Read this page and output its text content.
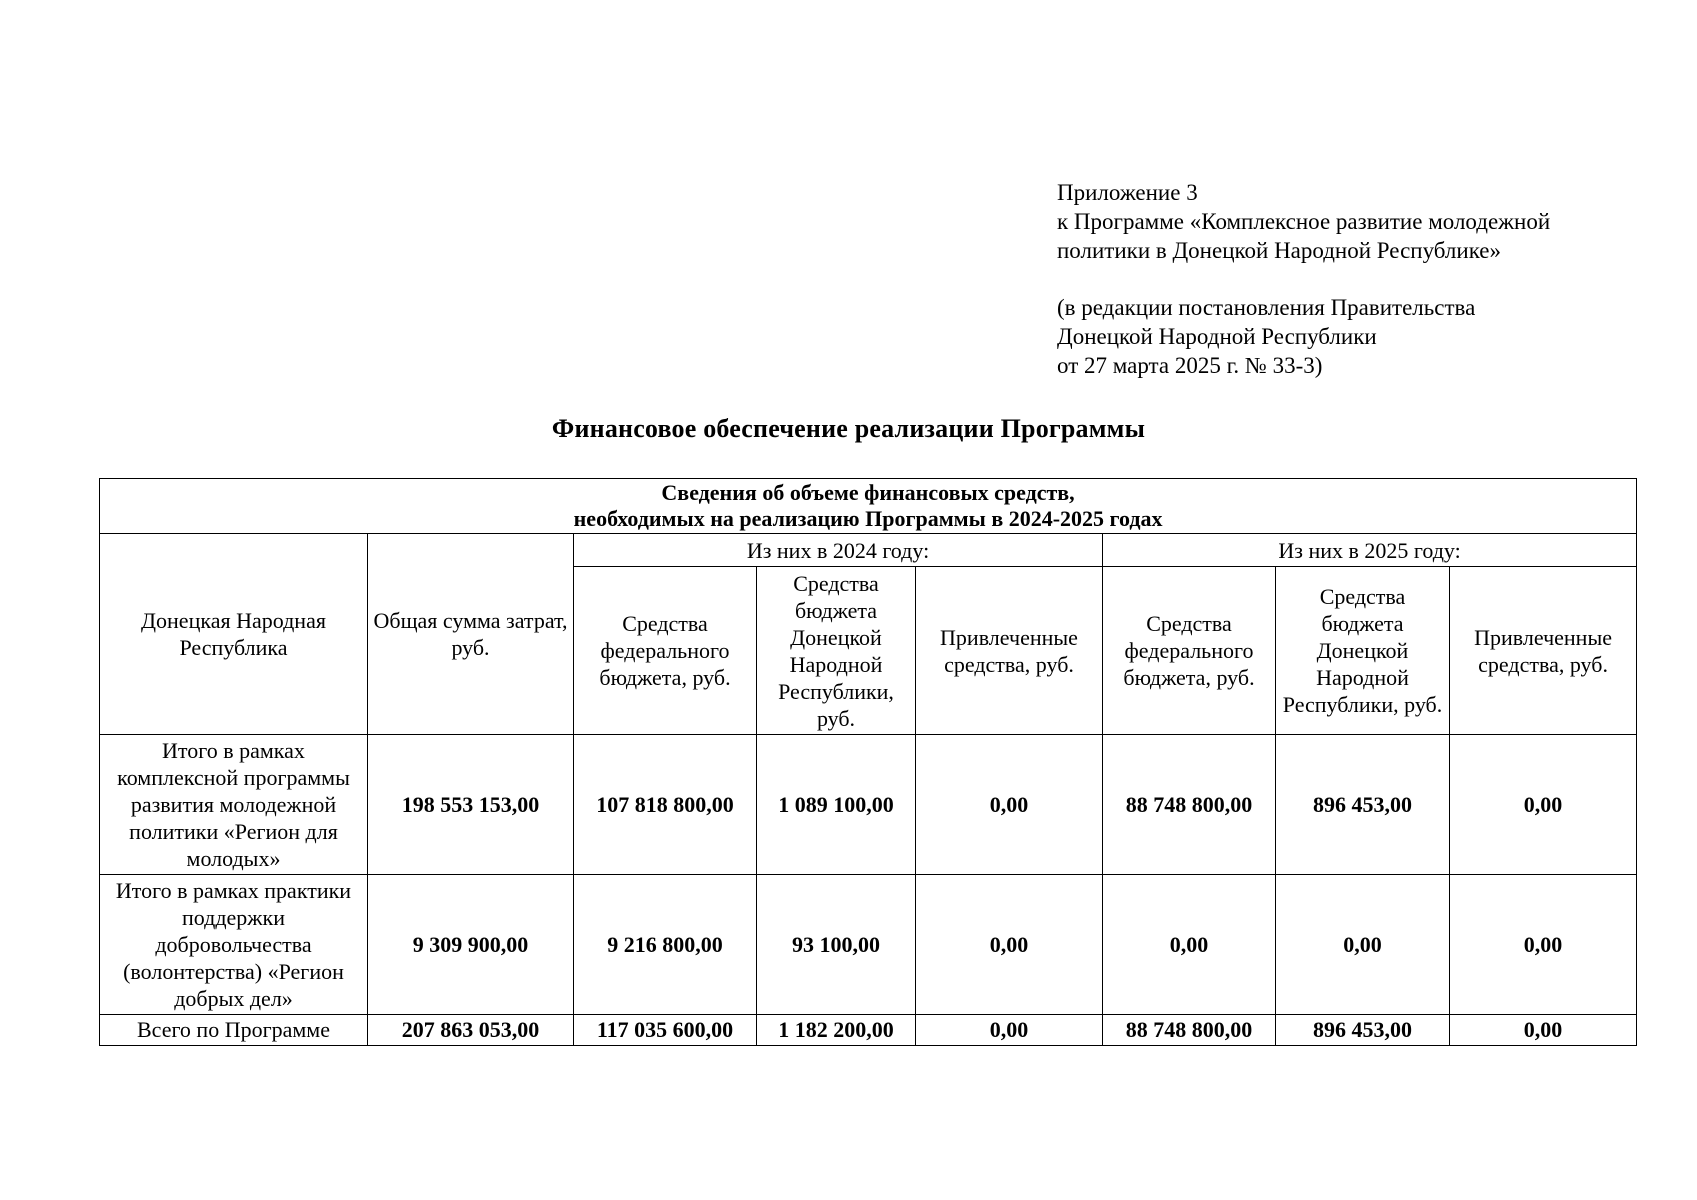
Приложение 3

к Программе «Комплексное развитие молодежной

политики в Донецкой Народной Республике»

(в редакции постановления Правительства

Донецкой Народной Республики

от 27 марта 2025 г. № 33-3)

Финансовое обеспечение реализации Программы
Сведения об объеме финансовых средств,
необходимых на реализацию Программы в 2024-2025 годах							
Донецкая Народная Республика	Общая сумма затрат, руб.	Из них в 2024 году:			Из них в 2025 году:		
		Средства федерального бюджета, руб.	Средства бюджета Донецкой Народной Республики, руб.	Привлеченные средства, руб.	Средства федерального бюджета, руб.	Средства бюджета Донецкой Народной Республики, руб.	Привлеченные средства, руб.
Итого в рамках комплексной программы развития молодежной политики «Регион для молодых»	198 553 153,00	107 818 800,00	1 089 100,00	0,00	88 748 800,00	896 453,00	0,00
Итого в рамках практики поддержки добровольчества (волонтерства) «Регион добрых дел»	9 309 900,00	9 216 800,00	93 100,00	0,00	0,00	0,00	0,00
Всего по Программе	207 863 053,00	117 035 600,00	1 182 200,00	0,00	88 748 800,00	896 453,00	0,00
